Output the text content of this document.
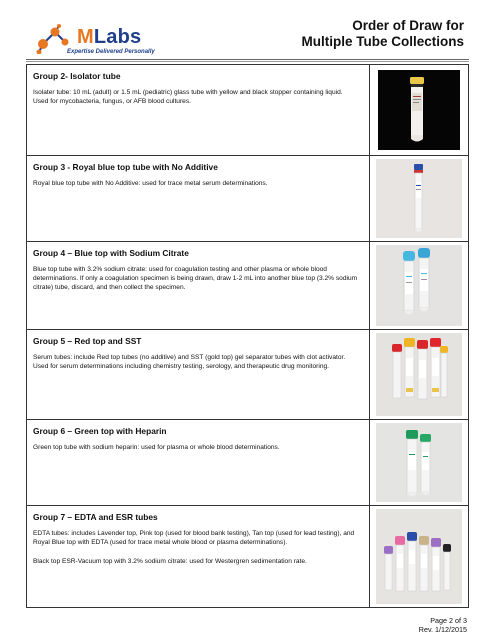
MLabs
Expertise Delivered Personally
Order of Draw for
Multiple Tube Collections

Group 2- Isolator tube

Isolater tube: 10 mL (adult) or 1.5 mL (pediatric) glass tube with yellow and black stopper containing liquid. Used for mycobacteria, fungus, or AFB blood cultures.

Group 3 - Royal blue top tube with No Additive

Royal blue top tube with No Additive: used for trace metal serum determinations.

Group 4 – Blue top with Sodium Citrate

Blue top tube with 3.2% sodium citrate: used for coagulation testing and other plasma or whole blood determinations. If only a coagulation specimen is being drawn, draw 1-2 mL into another blue top (3.2% sodium citrate) tube, discard, and then collect the specimen.

Group 5 – Red top and SST

Serum tubes: include Red top tubes (no additive) and SST (gold top) gel separator tubes with clot activator. Used for serum determinations including chemistry testing, serology, and therapeutic drug monitoring.

Group 6 – Green top with Heparin

Green top tube with sodium heparin: used for plasma or whole blood determinations.

Group 7 – EDTA and ESR tubes

EDTA tubes: includes Lavender top, Pink top (used for blood bank testing), Tan top (used for lead testing), and Royal Blue top with EDTA (used for trace metal whole blood or plasma determinations).

Black top ESR-Vacuum top with 3.2% sodium citrate: used for Westergren sedimentation rate.

Page 2 of 3
Rev. 1/12/2015
